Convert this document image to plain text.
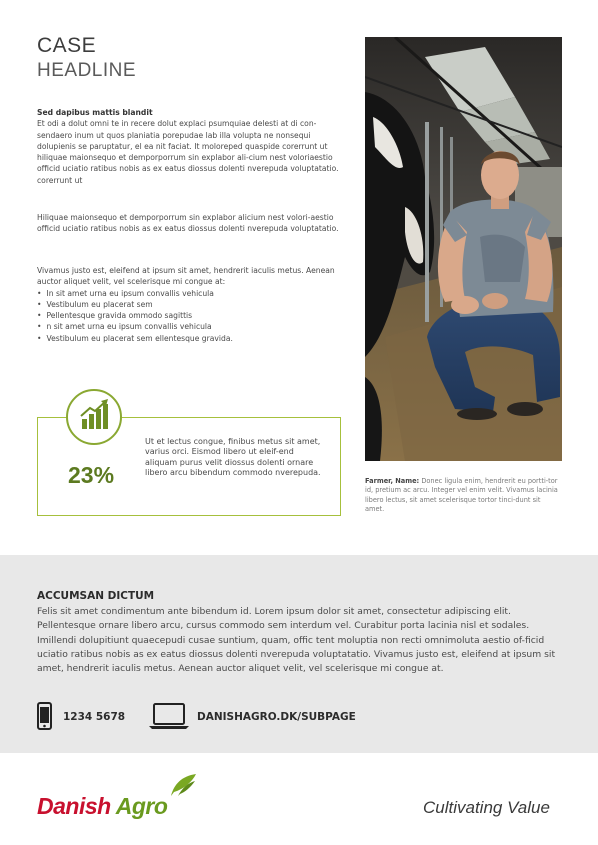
CASE
HEADLINE
Sed dapibus mattis blandit
Et odi a dolut omni te in recere dolut explaci psumquiae delesti at di con-sendaero inum ut quos planiatia porepudae lab illa volupta ne nonsequi dolupienis se paruptatur, el ea nit faciat. It moloreped quaspide corerrunt ut hiliquae maionsequo et demporporrum sin explabor ali-cium nest voloriaestio officid uciatio ratibus nobis as ex eatus diossus dolenti nverepuda voluptatatio. corerrunt ut
Hiliquae maionsequo et demporporrum sin explabor alicium nest volori-aestio officid uciatio ratibus nobis as ex eatus diossus dolenti nverepuda voluptatatio.
Vivamus justo est, eleifend at ipsum sit amet, hendrerit iaculis metus. Aenean auctor aliquet velit, vel scelerisque mi congue at:
• In sit amet urna eu ipsum convallis vehicula
• Vestibulum eu placerat sem
• Pellentesque gravida ommodo sagittis
• n sit amet urna eu ipsum convallis vehicula
• Vestibulum eu placerat sem ellentesque gravida.
Farmer, Name: Donec ligula enim, hendrerit eu portti-tor id, pretium ac arcu. Integer vel enim velit. Vivamus lacinia libero lectus, sit amet scelerisque tortor tinci-dunt sit amet.
23%
Ut et lectus congue, finibus metus sit amet, varius orci. Eismod libero ut eleif-end aliquam purus velit diossus dolenti ornare libero arcu bibendum commodo nverepuda.
ACCUMSAN DICTUM
Felis sit amet condimentum ante bibendum id. Lorem ipsum dolor sit amet, consectetur adipiscing elit. Pellentesque ornare libero arcu, cursus commodo sem interdum vel. Curabitur porta lacinia nisl et sodales. Imillendi dolupitiunt quaecepudi cusae suntium, quam, offic tent moluptia non recti omnimoluta aestio of-ficid uciatio ratibus nobis as ex eatus diossus dolenti nverepuda voluptatatio. Vivamus justo est, eleifend at ipsum sit amet, hendrerit iaculis metus. Aenean auctor aliquet velit, vel scelerisque mi congue at.
1234 5678	DANISHAGRO.DK/SUBPAGE
Danish Agro	Cultivating Value
